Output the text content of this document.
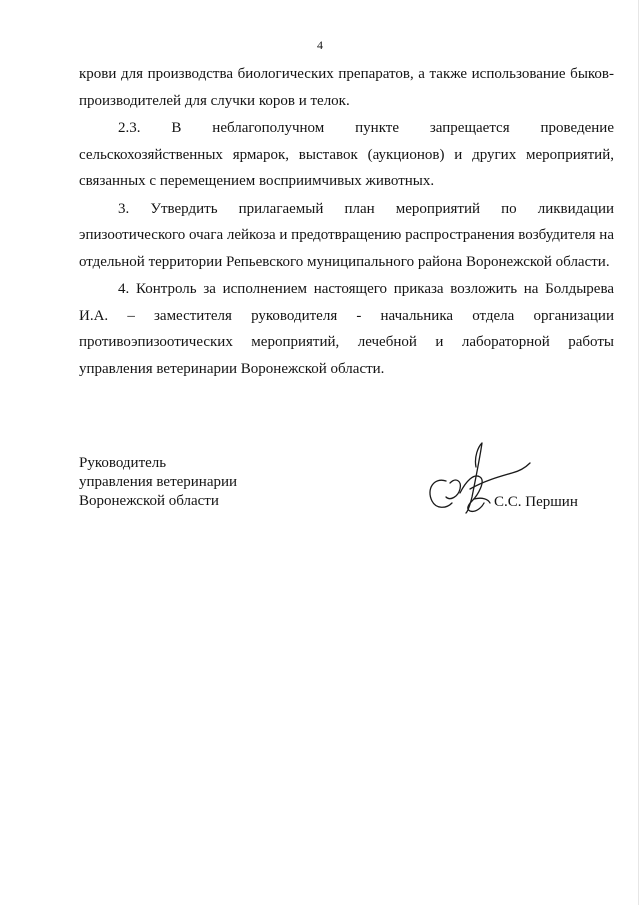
4

крови для производства биологических препаратов, а также использование быков-производителей для случки коров и телок.

2.3. В неблагополучном пункте запрещается проведение сельскохозяйственных ярмарок, выставок (аукционов) и других мероприятий, связанных с перемещением восприимчивых животных.

3. Утвердить прилагаемый план мероприятий по ликвидации эпизоотического очага лейкоза и предотвращению распространения возбудителя на отдельной территории Репьевского муниципального района Воронежской области.

4. Контроль за исполнением настоящего приказа возложить на Болдырева И.А. – заместителя руководителя - начальника отдела организации противоэпизоотических мероприятий, лечебной и лабораторной работы управления ветеринарии Воронежской области.

Руководитель
управления ветеринарии
Воронежской области	С.С. Першин
